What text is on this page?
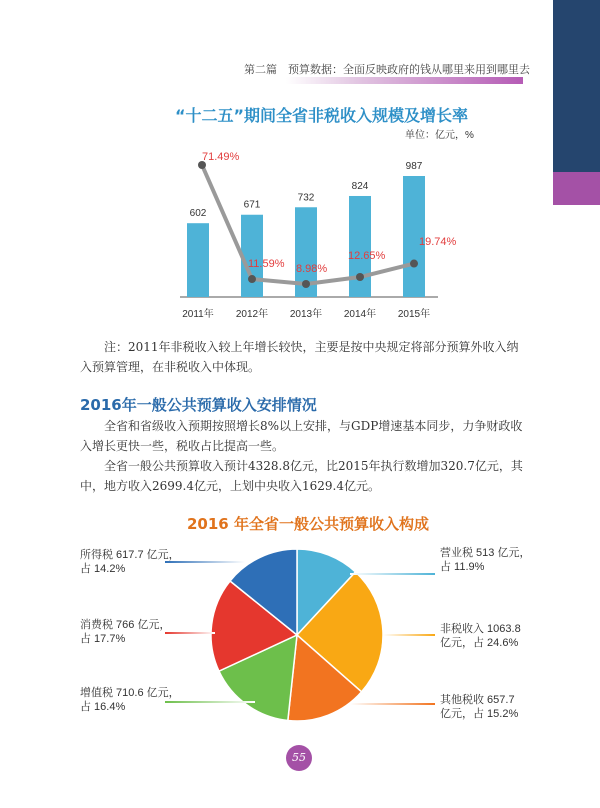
第二篇　预算数据：全面反映政府的钱从哪里来用到哪里去
“十二五”期间全省非税收入规模及增长率
单位：亿元，%
602
2011年
671
2012年
732
2013年
824
2014年
987
2015年
71.49%
11.59% 8.98%
12.65%
19.74%

注：2011年非税收入较上年增长较快，主要是按中央规定将部分预算外收入纳入预算管理，在非税收入中体现。

2016年一般公共预算收入安排情况

全省和省级收入预期按照增长8%以上安排，与GDP增速基本同步，力争财政收入增长更快一些，税收占比提高一些。

全省一般公共预算收入预计4328.8亿元，比2015年执行数增加320.7亿元，其中，地方收入2699.4亿元，上划中央收入1629.4亿元。

2016 年全省一般公共预算收入构成
营业税 513 亿元，
占 11.9%
非税收入 1063.8
亿元，占 24.6%
其他税收 657.7
亿元，占 15.2%
增值税 710.6 亿元，
占 16.4%
消费税 766 亿元，
占 17.7%
所得税 617.7 亿元，
占 14.2%
55
